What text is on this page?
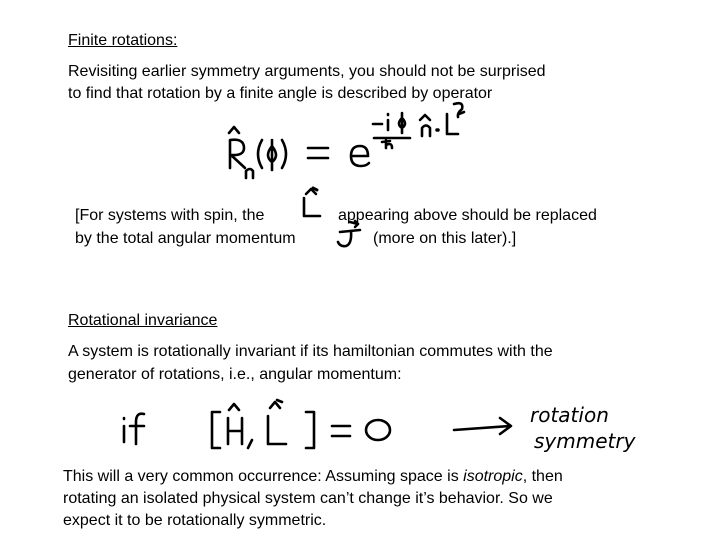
Finite rotations:
Revisiting earlier symmetry arguments, you should not be surprised
to find that rotation by a finite angle is described by operator
[For systems with spin, the	appearing above should be replaced
by the total angular momentum	(more on this later).]
Rotational invariance
A system is rotationally invariant if its hamiltonian commutes with the
generator of rotations, i.e., angular momentum:
rotation
symmetry
This will a very common occurrence: Assuming space is isotropic, then
rotating an isolated physical system can’t change it’s behavior. So we
expect it to be rotationally symmetric.
